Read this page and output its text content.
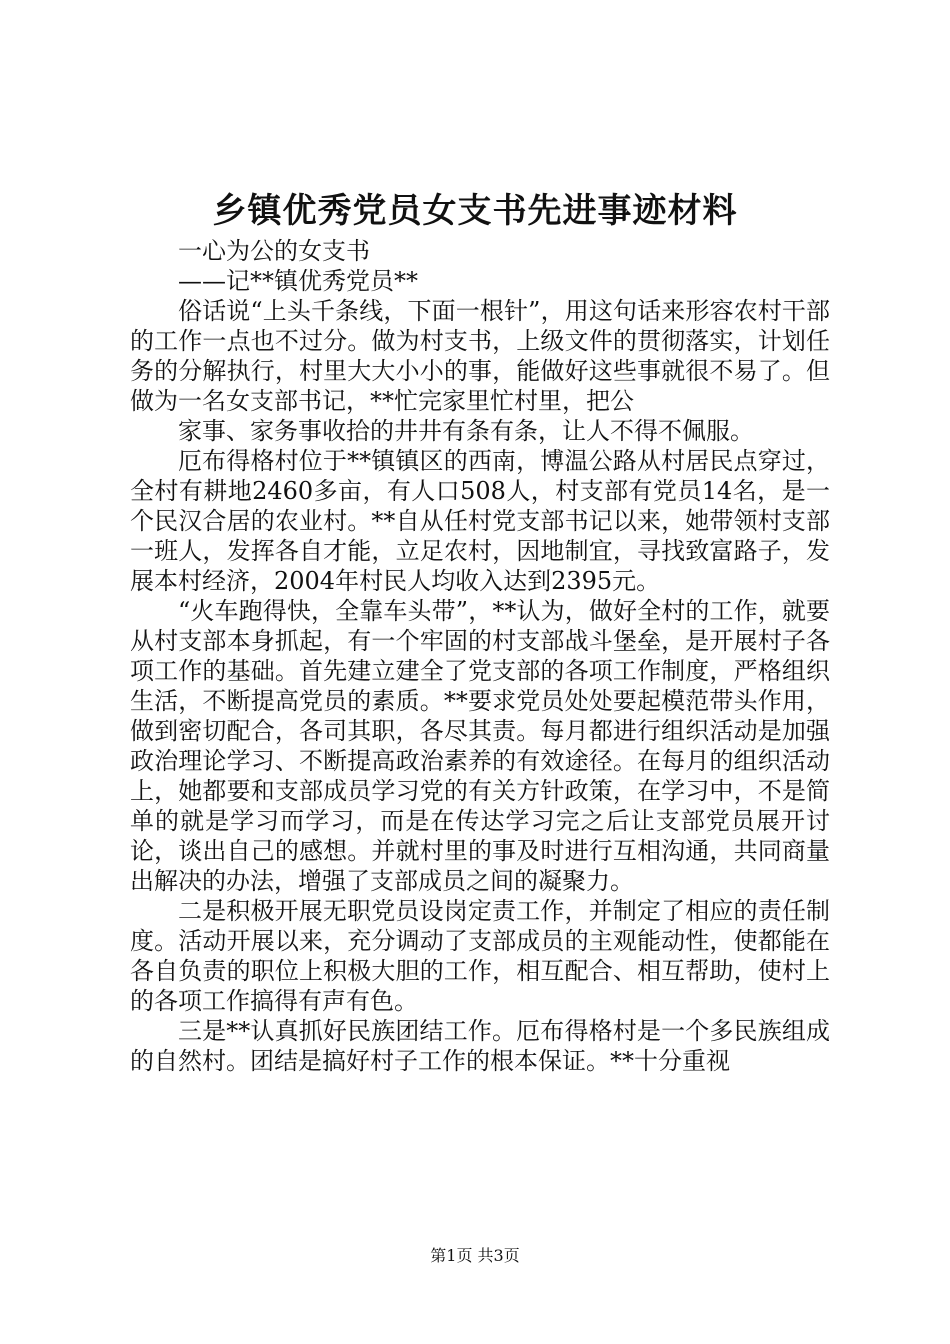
乡镇优秀党员女支书先进事迹材料

一心为公的女支书

——记**镇优秀党员**

俗话说“上头千条线，下面一根针”，用这句话来形容农村干部的工作一点也不过分。做为村支书，上级文件的贯彻落实，计划任务的分解执行，村里大大小小的事，能做好这些事就很不易了。但做为一名女支部书记，**忙完家里忙村里，把公

家事、家务事收拾的井井有条有条，让人不得不佩服。

厄布得格村位于**镇镇区的西南，博温公路从村居民点穿过，全村有耕地2460多亩，有人口508人，村支部有党员14名，是一个民汉合居的农业村。**自从任村党支部书记以来，她带领村支部一班人，发挥各自才能，立足农村，因地制宜，寻找致富路子，发展本村经济，2004年村民人均收入达到2395元。

“火车跑得快，全靠车头带”，**认为，做好全村的工作，就要从村支部本身抓起，有一个牢固的村支部战斗堡垒，是开展村子各项工作的基础。首先建立建全了党支部的各项工作制度，严格组织生活，不断提高党员的素质。**要求党员处处要起模范带头作用，做到密切配合，各司其职，各尽其责。每月都进行组织活动是加强政治理论学习、不断提高政治素养的有效途径。在每月的组织活动上，她都要和支部成员学习党的有关方针政策，在学习中，不是简单的就是学习而学习，而是在传达学习完之后让支部党员展开讨论，谈出自己的感想。并就村里的事及时进行互相沟通，共同商量出解决的办法，增强了支部成员之间的凝聚力。

二是积极开展无职党员设岗定责工作，并制定了相应的责任制度。活动开展以来，充分调动了支部成员的主观能动性，使都能在各自负责的职位上积极大胆的工作，相互配合、相互帮助，使村上的各项工作搞得有声有色。

三是**认真抓好民族团结工作。厄布得格村是一个多民族组成的自然村。团结是搞好村子工作的根本保证。**十分重视

第1页 共3页
